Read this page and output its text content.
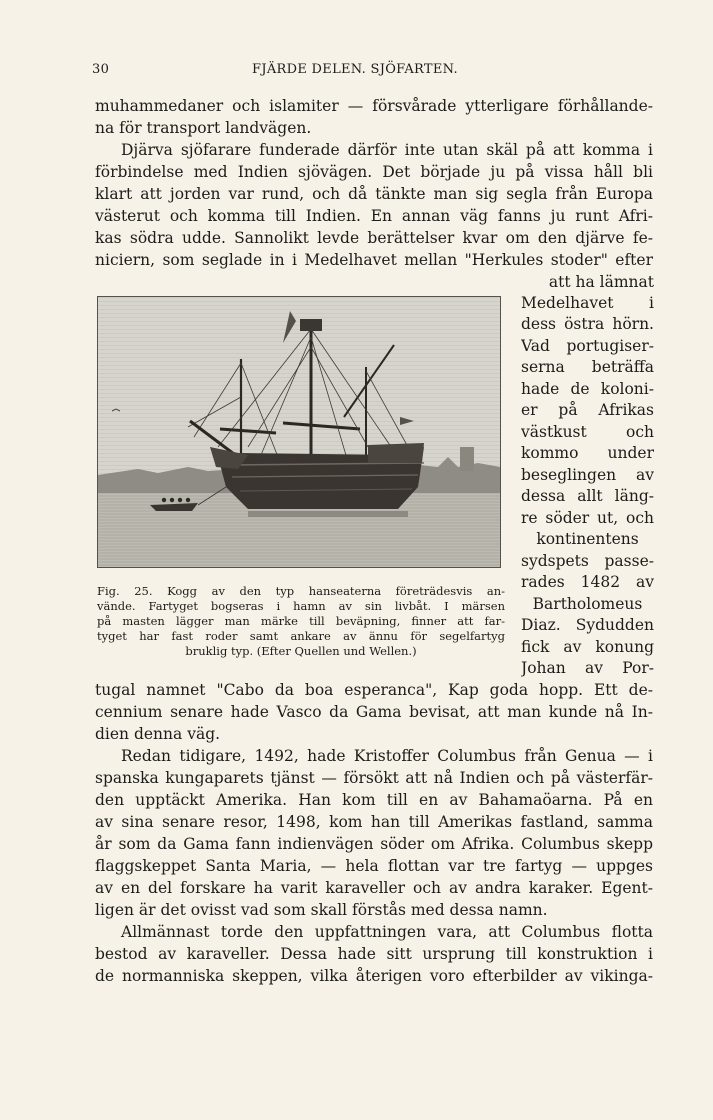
30	FJÄRDE DELEN. SJÖFARTEN.
muhammedaner och islamiter — försvårade ytterligare förhållande-
na för transport landvägen.
Djärva sjöfarare funderade därför inte utan skäl på att komma i
förbindelse med Indien sjövägen. Det började ju på vissa håll bli
klart att jorden var rund, och då tänkte man sig segla från Europa
västerut och komma till Indien. En annan väg fanns ju runt Afri-
kas södra udde. Sannolikt levde berättelser kvar om den djärve fe-
niciern, som seglade in i Medelhavet mellan "Herkules stoder" efter
att ha lämnat
Medelhavet i
dess östra hörn.
Vad portugiser-
serna beträffa
hade de koloni-
er på Afrikas
västkust och
kommo under
beseglingen av
dessa allt läng-
re söder ut, och
kontinentens
sydspets passe-
rades 1482 av
Bartholomeus
Diaz. Sydudden
fick av konung
Johan av Por-
Fig. 25. Kogg av den typ hanseaterna företrädesvis an-
vände. Fartyget bogseras i hamn av sin livbåt. I märsen
på masten lägger man märke till beväpning, finner att far-
tyget har fast roder samt ankare av ännu för segelfartyg
bruklig typ. (Efter Quellen und Wellen.)
tugal namnet "Cabo da boa esperanca", Kap goda hopp. Ett de-
cennium senare hade Vasco da Gama bevisat, att man kunde nå In-
dien denna väg.
Redan tidigare, 1492, hade Kristoffer Columbus från Genua — i
spanska kungaparets tjänst — försökt att nå Indien och på västerfär-
den upptäckt Amerika. Han kom till en av Bahamaöarna. På en
av sina senare resor, 1498, kom han till Amerikas fastland, samma
år som da Gama fann indienvägen söder om Afrika. Columbus skepp
flaggskeppet Santa Maria, — hela flottan var tre fartyg — uppges
av en del forskare ha varit karaveller och av andra karaker. Egent-
ligen är det ovisst vad som skall förstås med dessa namn.
Allmännast torde den uppfattningen vara, att Columbus flotta
bestod av karaveller. Dessa hade sitt ursprung till konstruktion i
de normanniska skeppen, vilka återigen voro efterbilder av vikinga-
